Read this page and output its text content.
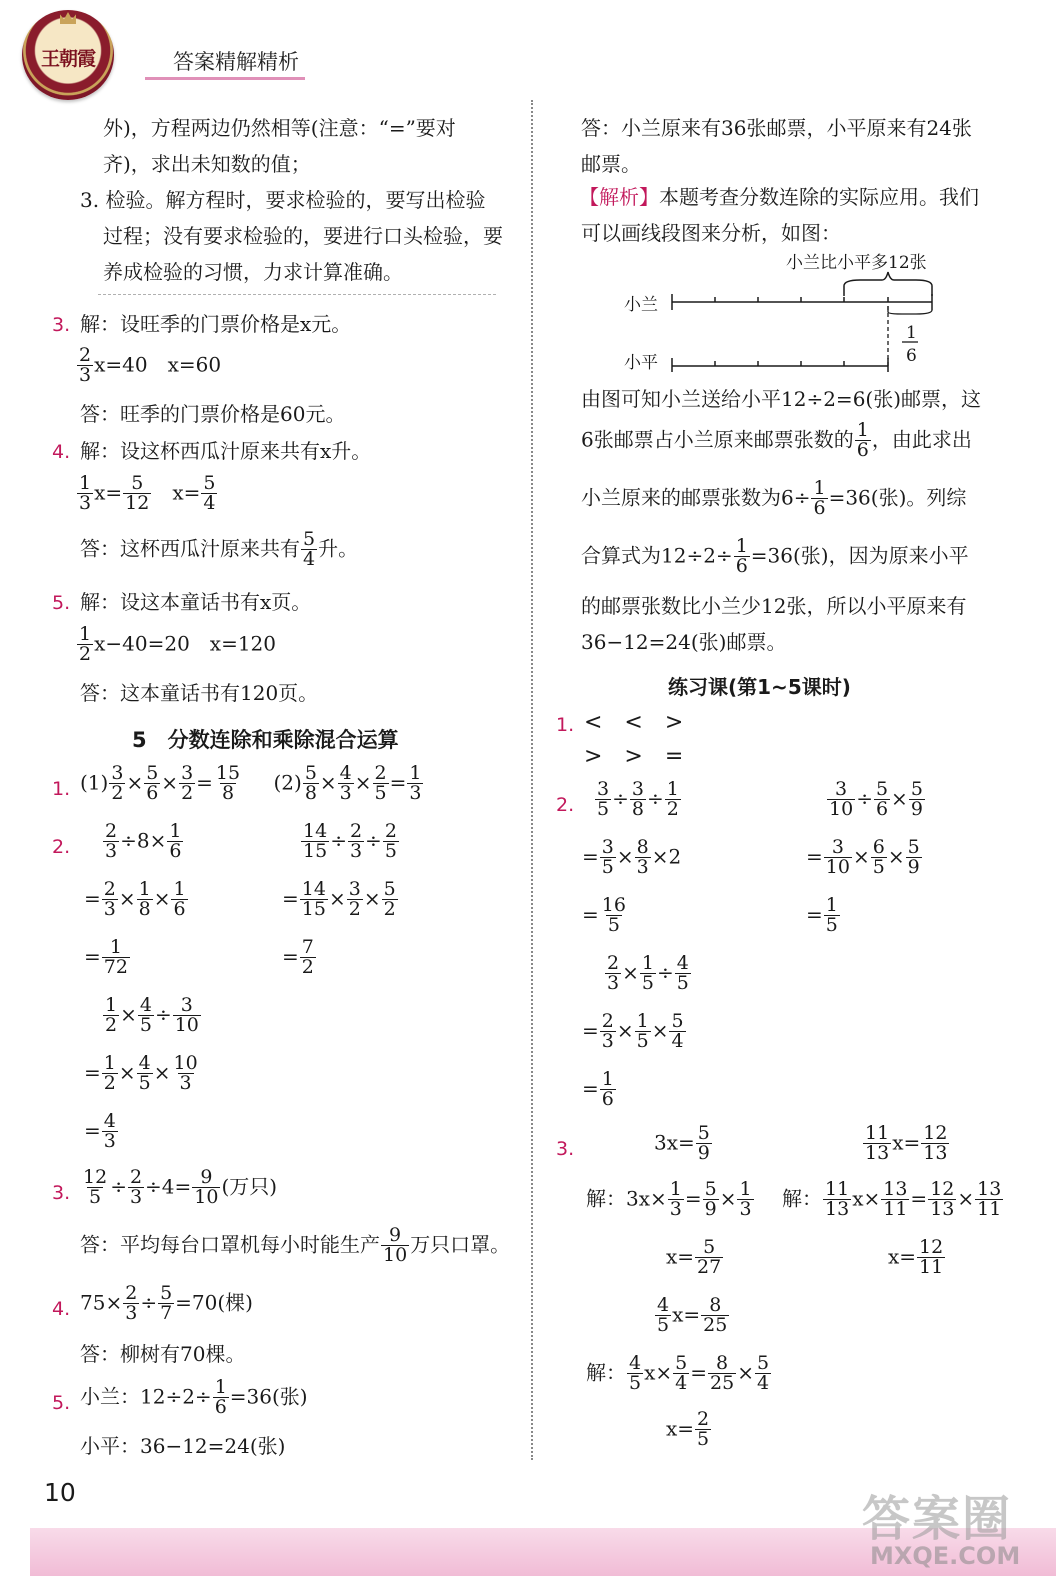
王朝霞	答案精解精析
外)，方程两边仍然相等(注意：“=”要对
齐)，求出未知数的值；
3. 检验。解方程时，要求检验的，要写出检验
过程；没有要求检验的，要进行口头检验，要
养成检验的习惯，力求计算准确。
3. 解：设旺季的门票价格是x元。
$\frac{2}{3} x=40$　x=60
答：旺季的门票价格是60元。
4. 解：设这杯西瓜汁原来共有x升。
$\frac{1}{3} x= \frac{5}{12}$ 　$x= \frac{5}{4}$
答：这杯西瓜汁原来共有 $\frac{5}{4}$ 升。
5. 解：设这本童话书有x页。
$\frac{1}{2} x-40=20$　x=120
答：这本童话书有120页。
5　分数连除和乘除混合运算
1. $(1) \frac{3}{2} \times \frac{5}{6} \times \frac{3}{2} = \frac{15}{8} (2) \frac{5}{8} \times \frac{4}{3} \times \frac{2}{5} = \frac{1}{3}$
2. $\frac{2}{3} \div 8\times \frac{1}{6}$
= $\frac{2}{3} \times \frac{1}{8} \times \frac{1}{6}$
= $\frac{1}{72}$
$\frac{14}{15} \div \frac{2}{3} \div \frac{2}{5}$
= $\frac{14}{15} \times \frac{3}{2} \times \frac{5}{2}$
= $\frac{7}{2}$
$\frac{1}{2} \times \frac{4}{5} \div \frac{3}{10}$
= $\frac{1}{2} \times \frac{4}{5} \times \frac{10}{3}$
= $\frac{4}{3}$
3. $\frac{12}{5} \div \frac{2}{3} \div 4= \frac{9}{10}$ (万只)
答：平均每台口罩机每小时能生产 $\frac{9}{10}$ 万只口罩。
4. $75\times \frac{2}{3} \div \frac{5}{7} =70$(棵)
答：柳树有70棵。
5. 小兰：$12\div 2\div \frac{1}{6} =36$(张)
小平：36−12=24(张)
10
答：小兰原来有36张邮票，小平原来有24张
邮票。
【解析】本题考查分数连除的实际应用。我们
可以画线段图来分析，如图：
小兰比小平多12张
小兰
1
6
小平
由图可知小兰送给小平12÷2=6(张)邮票，这
6张邮票占小兰原来邮票张数的 $\frac{1}{6}$ ，由此求出
小兰原来的邮票张数为$6\div \frac{1}{6} =36$(张)。列综
合算式为$12\div 2\div \frac{1}{6} =36$(张)，因为原来小平
的邮票张数比小兰少12张，所以小平原来有
36−12=24(张)邮票。
练习课(第1~5课时)
1. <　<　>
>　>　=
2. $\frac{3}{5} \div \frac{3}{8} \div \frac{1}{2}$
= $\frac{3}{5} \times \frac{8}{3} \times 2$
= $\frac{16}{5}$
$\frac{3}{10} \div \frac{5}{6} \times \frac{5}{9}$
= $\frac{3}{10} \times \frac{6}{5} \times \frac{5}{9}$
= $\frac{1}{5}$
$\frac{2}{3} \times \frac{1}{5} \div \frac{4}{5}$
= $\frac{2}{3} \times \frac{1}{5} \times \frac{5}{4}$
= $\frac{1}{6}$
3.	$3x= \frac{5}{9}$
解：$3x\times \frac{1}{3} = \frac{5}{9} \times \frac{1}{3}$
$x= \frac{5}{27}$
$\frac{11}{13} x= \frac{12}{13}$
解： $\frac{11}{13} x\times \frac{13}{11} = \frac{12}{13} \times \frac{13}{11}$
$x= \frac{12}{11}$
$\frac{4}{5} x= \frac{8}{25}$
解： $\frac{4}{5} x\times \frac{5}{4} = \frac{8}{25} \times \frac{5}{4}$
$x= \frac{2}{5}$
答案圈
MXQE.COM
